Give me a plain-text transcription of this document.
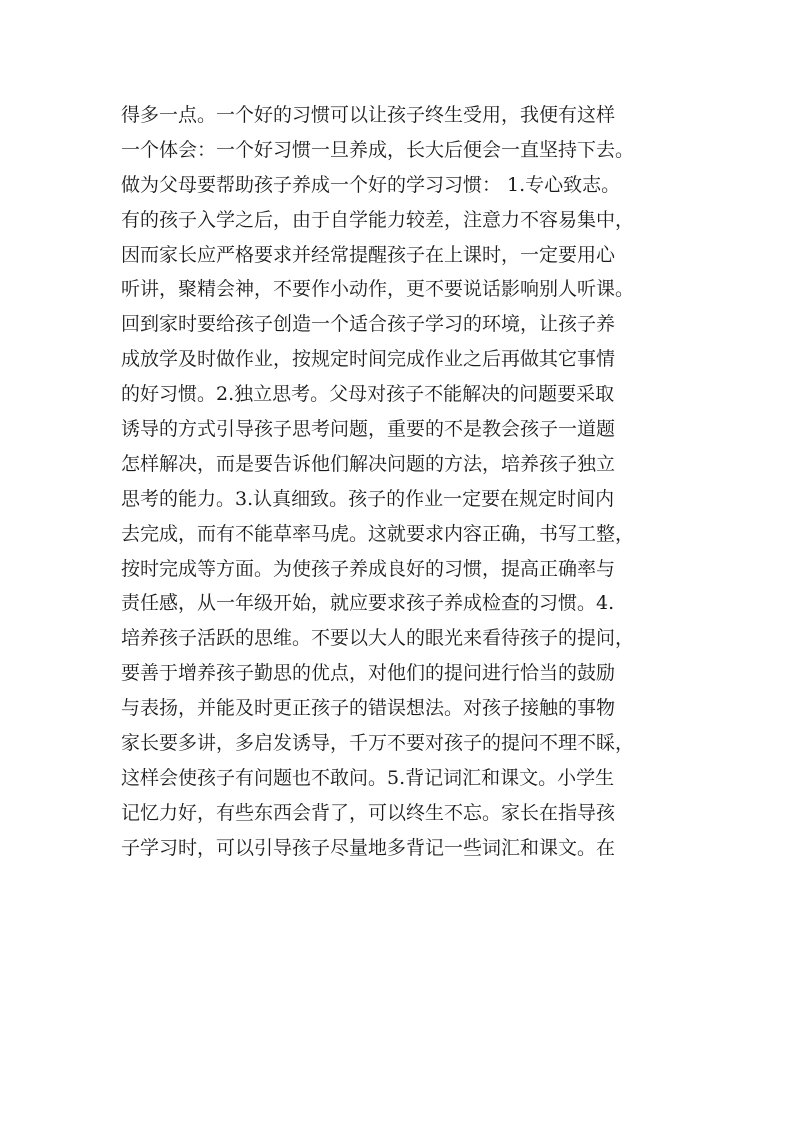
得多一点。一个好的习惯可以让孩子终生受用，我便有这样
一个体会：一个好习惯一旦养成，长大后便会一直坚持下去。
做为父母要帮助孩子养成一个好的学习习惯： 1.专心致志。
有的孩子入学之后，由于自学能力较差，注意力不容易集中，
因而家长应严格要求并经常提醒孩子在上课时，一定要用心
听讲，聚精会神，不要作小动作，更不要说话影响别人听课。
回到家时要给孩子创造一个适合孩子学习的环境，让孩子养
成放学及时做作业，按规定时间完成作业之后再做其它事情
的好习惯。2.独立思考。父母对孩子不能解决的问题要采取
诱导的方式引导孩子思考问题，重要的不是教会孩子一道题
怎样解决，而是要告诉他们解决问题的方法，培养孩子独立
思考的能力。3.认真细致。孩子的作业一定要在规定时间内
去完成，而有不能草率马虎。这就要求内容正确，书写工整，
按时完成等方面。为使孩子养成良好的习惯，提高正确率与
责任感，从一年级开始，就应要求孩子养成检查的习惯。4.
培养孩子活跃的思维。不要以大人的眼光来看待孩子的提问，
要善于增养孩子勤思的优点，对他们的提问进行恰当的鼓励
与表扬，并能及时更正孩子的错误想法。对孩子接触的事物
家长要多讲，多启发诱导，千万不要对孩子的提问不理不睬，
这样会使孩子有问题也不敢问。5.背记词汇和课文。小学生
记忆力好，有些东西会背了，可以终生不忘。家长在指导孩
子学习时，可以引导孩子尽量地多背记一些词汇和课文。在
